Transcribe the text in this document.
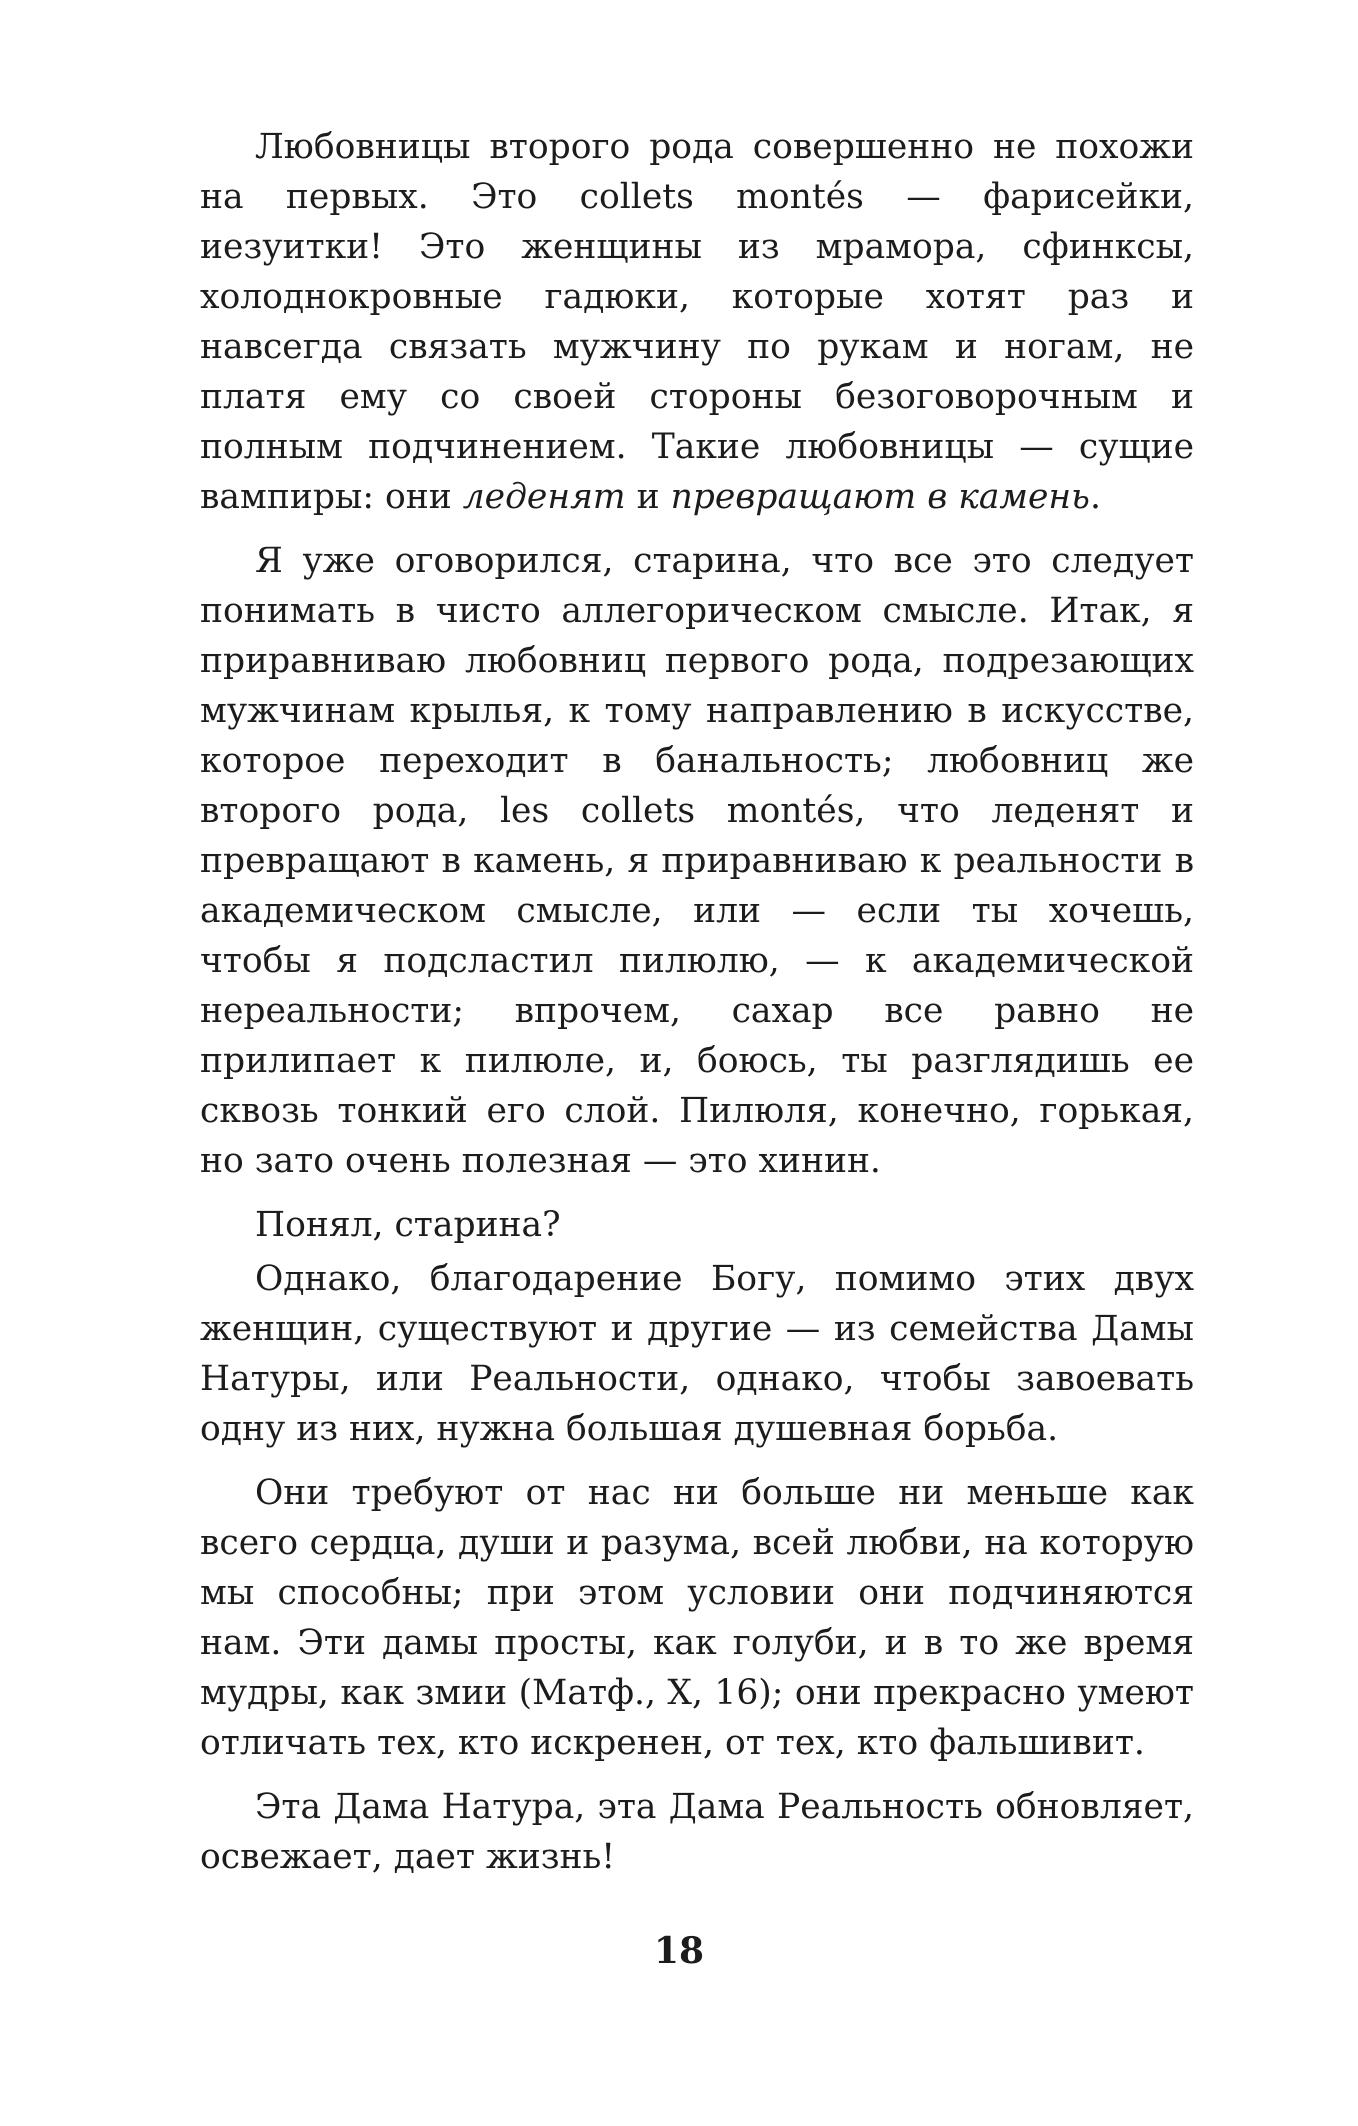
Любовницы второго рода совершенно не похожи на первых. Это collets montés — фарисейки, иезуитки! Это женщины из мрамора, сфинксы, холоднокровные гадюки, которые хотят раз и навсегда связать мужчину по рукам и ногам, не платя ему со своей стороны безоговорочным и полным подчинением. Такие любовницы — сущие вампиры: они леденят и превращают в камень.

Я уже оговорился, старина, что все это следует понимать в чисто аллегорическом смысле. Итак, я приравниваю любовниц первого рода, подрезающих мужчинам крылья, к тому направлению в искусстве, которое переходит в банальность; любовниц же второго рода, les collets montés, что леденят и превращают в камень, я приравниваю к реальности в академическом смысле, или — если ты хочешь, чтобы я подсластил пилюлю, — к академической нереальности; впрочем, сахар все равно не прилипает к пилюле, и, боюсь, ты разглядишь ее сквозь тонкий его слой. Пилюля, конечно, горькая, но зато очень полезная — это хинин.

Понял, старина?

Однако, благодарение Богу, помимо этих двух женщин, существуют и другие — из семейства Дамы Натуры, или Реальности, однако, чтобы завоевать одну из них, нужна большая душевная борьба.

Они требуют от нас ни больше ни меньше как всего сердца, души и разума, всей любви, на которую мы способны; при этом условии они подчиняются нам. Эти дамы просты, как голуби, и в то же время мудры, как змии (Матф., X, 16); они прекрасно умеют отличать тех, кто искренен, от тех, кто фальшивит.

Эта Дама Натура, эта Дама Реальность обновляет, освежает, дает жизнь!

18
